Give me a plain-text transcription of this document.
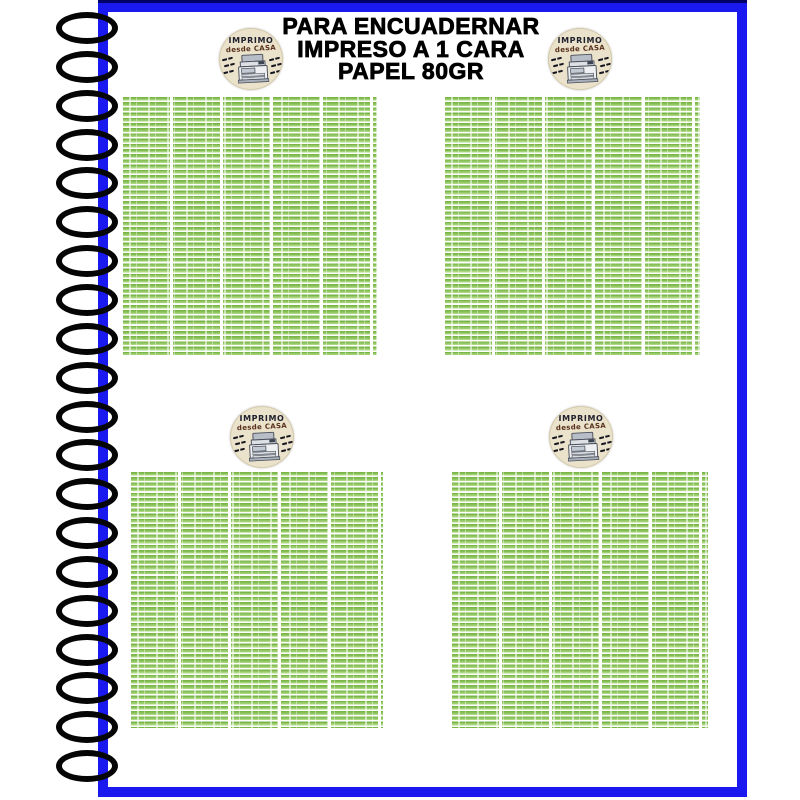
PARA ENCUADERNAR
IMPRESO A 1 CARA
PAPEL 80GR
IMPRIMO
desde CASA
IMPRIMO
desde CASA
IMPRIMO
desde CASA
IMPRIMO
desde CASA
